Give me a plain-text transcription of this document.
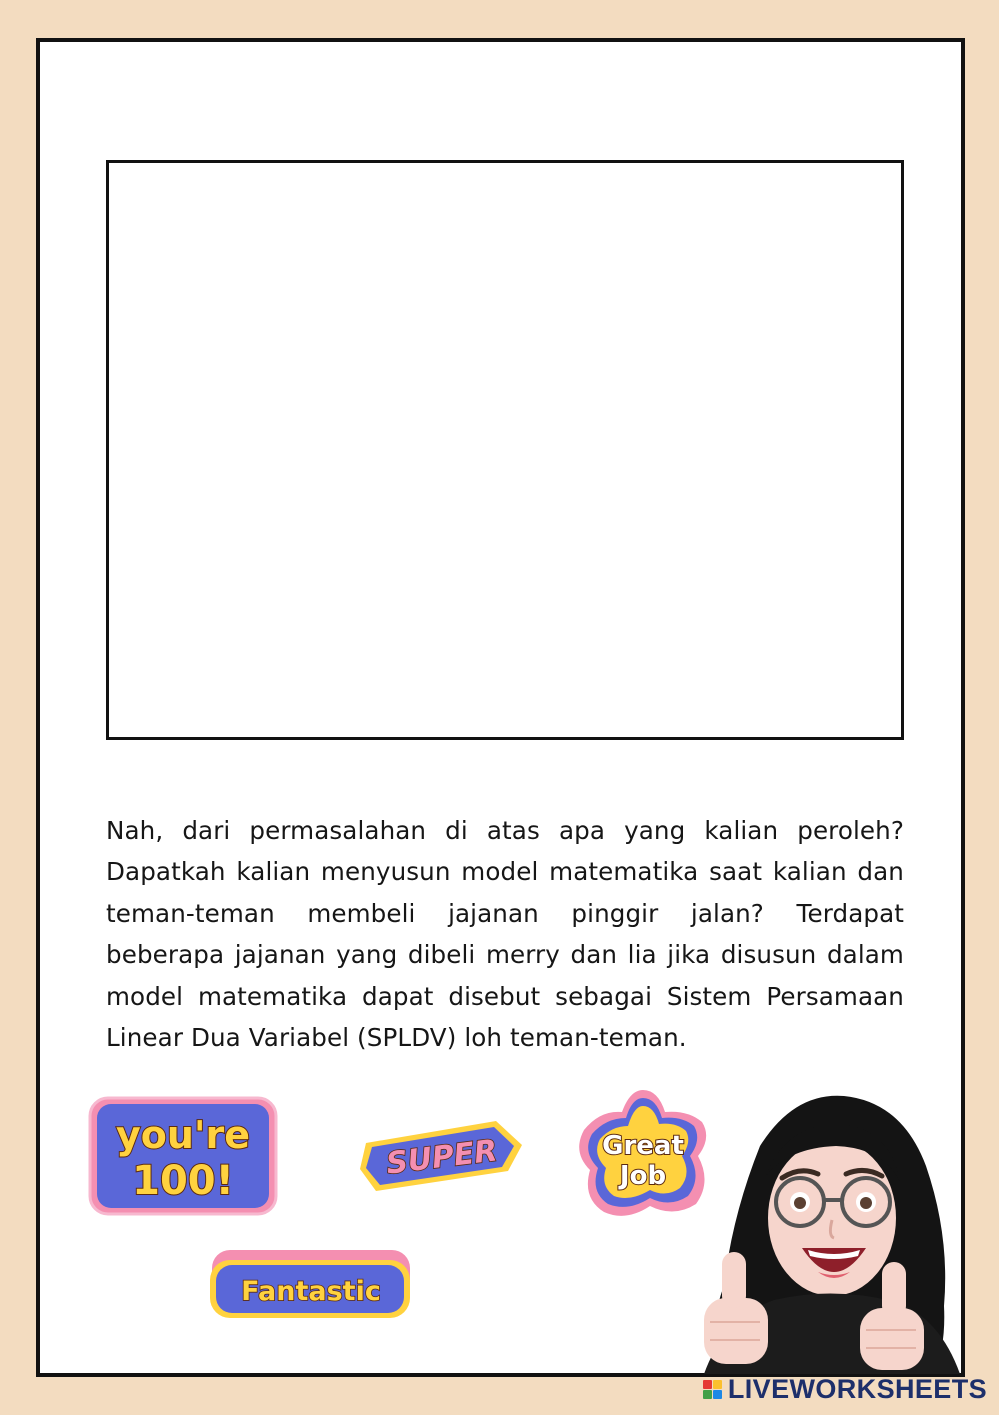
Nah, dari permasalahan di atas apa yang kalian peroleh? Dapatkah kalian menyusun model matematika saat kalian dan teman-teman membeli jajanan pinggir jalan? Terdapat beberapa jajanan yang dibeli merry dan lia jika disusun dalam model matematika dapat disebut sebagai Sistem Persamaan Linear Dua Variabel (SPLDV) loh teman-teman.
you're
100!	SUPER	Great
Job
Fantastic
LIVEWORKSHEETS
